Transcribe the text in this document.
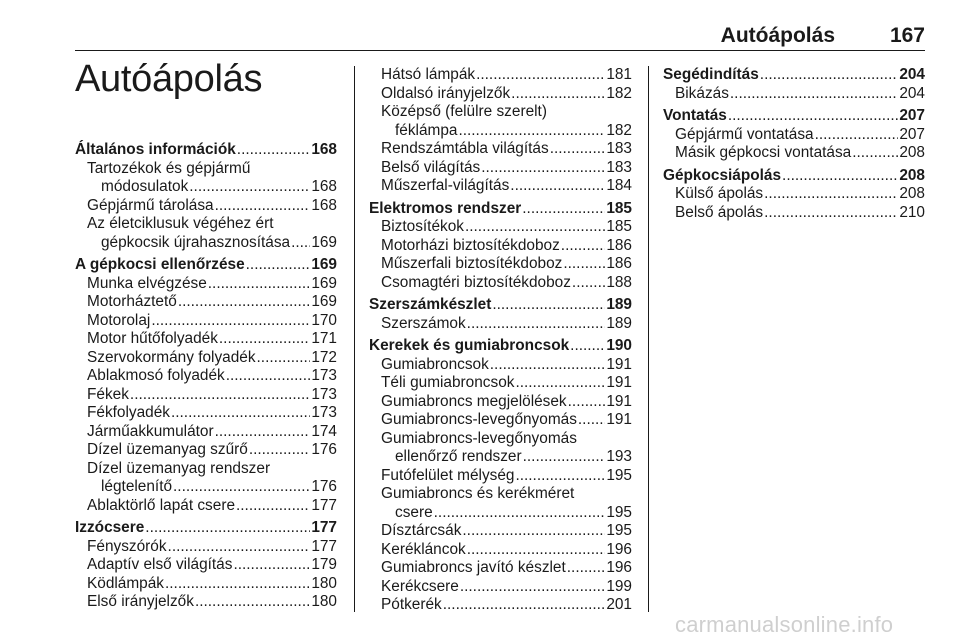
Autóápolás	167
Autóápolás
Általános információk .....	168
Tartozékok és gépjármű
módosulatok .....	168
Gépjármű tárolása .....	168
Az életciklusuk végéhez ért
gépkocsik újrahasznosítása ..... 169
A gépkocsi ellenőrzése .....	169
Munka elvégzése .....	169
Motorháztető .....	169
Motorolaj .....	170
Motor hűtőfolyadék .....	171
Szervokormány folyadék .....	172
Ablakmosó folyadék .....	173
Fékek .....	173
Fékfolyadék .....	173
Járműakkumulátor .....	174
Dízel üzemanyag szűrő .....	176
Dízel üzemanyag rendszer
légtelenítő .....	176
Ablaktörlő lapát csere .....	177
Izzócsere .....	177
Fényszórók .....	177
Adaptív első világítás .....	179
Ködlámpák .....	180
Első irányjelzők .....	180
Hátsó lámpák .....	181
Oldalsó irányjelzők .....	182
Középső (felülre szerelt)
féklámpa .....	182
Rendszámtábla világítás .....	183
Belső világítás .....	183
Műszerfal-világítás .....	184
Elektromos rendszer .....	185
Biztosítékok .....	185
Motorházi biztosítékdoboz .....	186
Műszerfali biztosítékdoboz .....	186
Csomagtéri biztosítékdoboz ..... 188
Szerszámkészlet .....	189
Szerszámok .....	189
Kerekek és gumiabroncsok ..... 190
Gumiabroncsok .....	191
Téli gumiabroncsok .....	191
Gumiabroncs megjelölések .....	191
Gumiabroncs-levegőnyomás ..... 191
Gumiabroncs-levegőnyomás
ellenőrző rendszer .....	193
Futófelület mélység .....	195
Gumiabroncs és kerékméret
csere .....	195
Dísztárcsák .....	195
Kerékláncok .....	196
Gumiabroncs javító készlet .....	196
Kerékcsere .....	199
Pótkerék .....	201
Segédindítás .....	204
Bikázás .....	204
Vontatás .....	207
Gépjármű vontatása .....	207
Másik gépkocsi vontatása .....	208
Gépkocsiápolás .....	208
Külső ápolás .....	208
Belső ápolás .....	210
carmanualsonline.info
